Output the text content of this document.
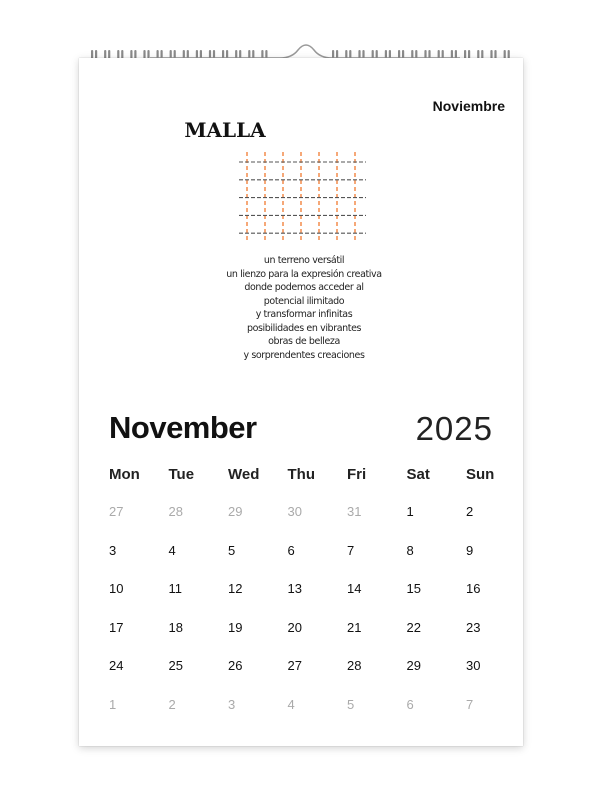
Noviembre
MALLA
un terreno versátil
un lienzo para la expresión creativa
donde podemos acceder al
potencial ilimitado
y transformar infinitas
posibilidades en vibrantes
obras de belleza
y sorprendentes creaciones
November	2025
Mon	Tue	Wed	Thu	Fri	Sat	Sun
27	28	29	30	31	1	2
3	4	5	6	7	8	9
10	11	12	13	14	15	16
17	18	19	20	21	22	23
24	25	26	27	28	29	30
1	2	3	4	5	6	7
